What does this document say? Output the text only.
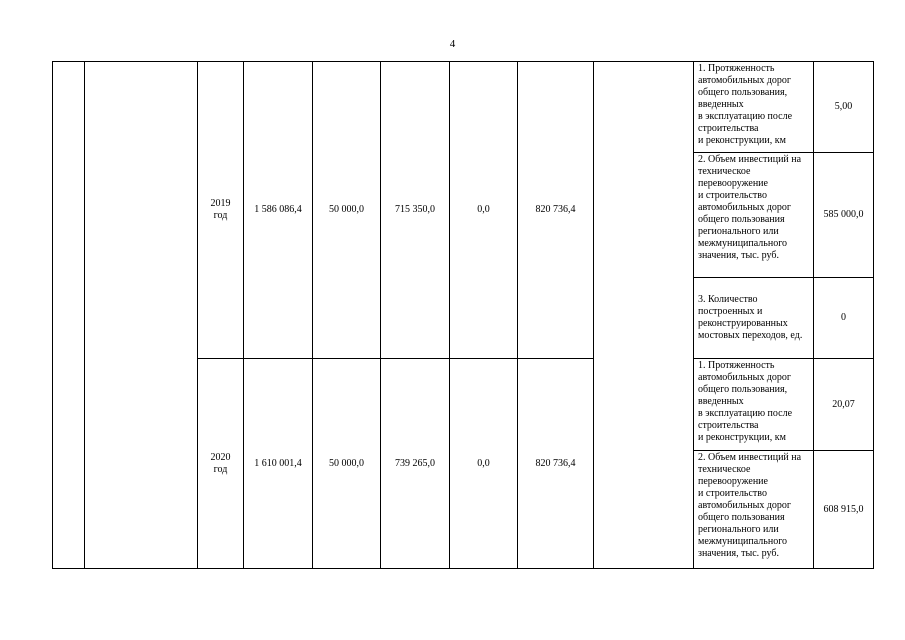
4
		2019
год	1 586 086,4	50 000,0	715 350,0	0,0	820 736,4		1. Протяженность автомобильных дорог общего пользования, введенных
в эксплуатацию после строительства
и реконструкции, км	5,00
									2. Объем инвестиций на техническое перевооружение
и строительство автомобильных дорог общего пользования регионального или межмуниципального значения, тыс. руб.	585 000,0
									3. Количество построенных и реконструированных мостовых переходов, ед.	0
		2020
год	1 610 001,4	50 000,0	739 265,0	0,0	820 736,4		1. Протяженность автомобильных дорог общего пользования, введенных
в эксплуатацию после строительства
и реконструкции, км	20,07
									2. Объем инвестиций на техническое перевооружение
и строительство автомобильных дорог общего пользования регионального или межмуниципального значения, тыс. руб.	608 915,0
